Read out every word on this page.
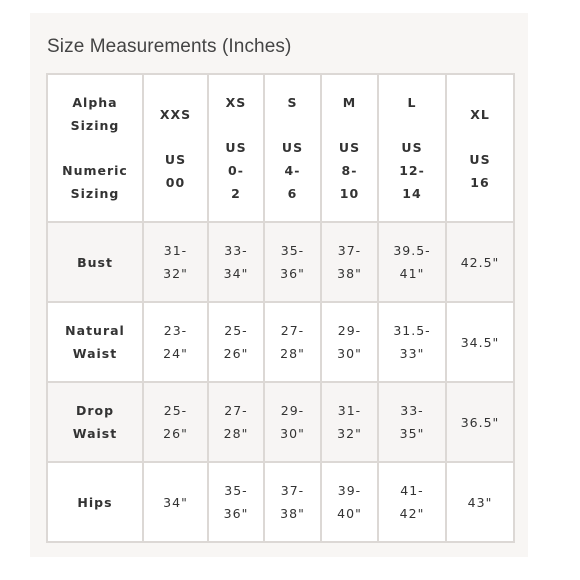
Size Measurements (Inches)
Alpha
Sizing
Numeric
Sizing	XXS
US
00	XS
US
0-
2	S
US
4-
6	M
US
8-
10	L
US
12-
14	XL
US
16

Bust	31-
32"	33-
34"	35-
36"	37-
38"	39.5-
41"	42.5"

Natural
Waist	23-
24"	25-
26"	27-
28"	29-
30"	31.5-
33"	34.5"

Drop
Waist	25-
26"	27-
28"	29-
30"	31-
32"	33-
35"	36.5"

Hips	34"	35-
36"	37-
38"	39-
40"	41-
42"	43"
